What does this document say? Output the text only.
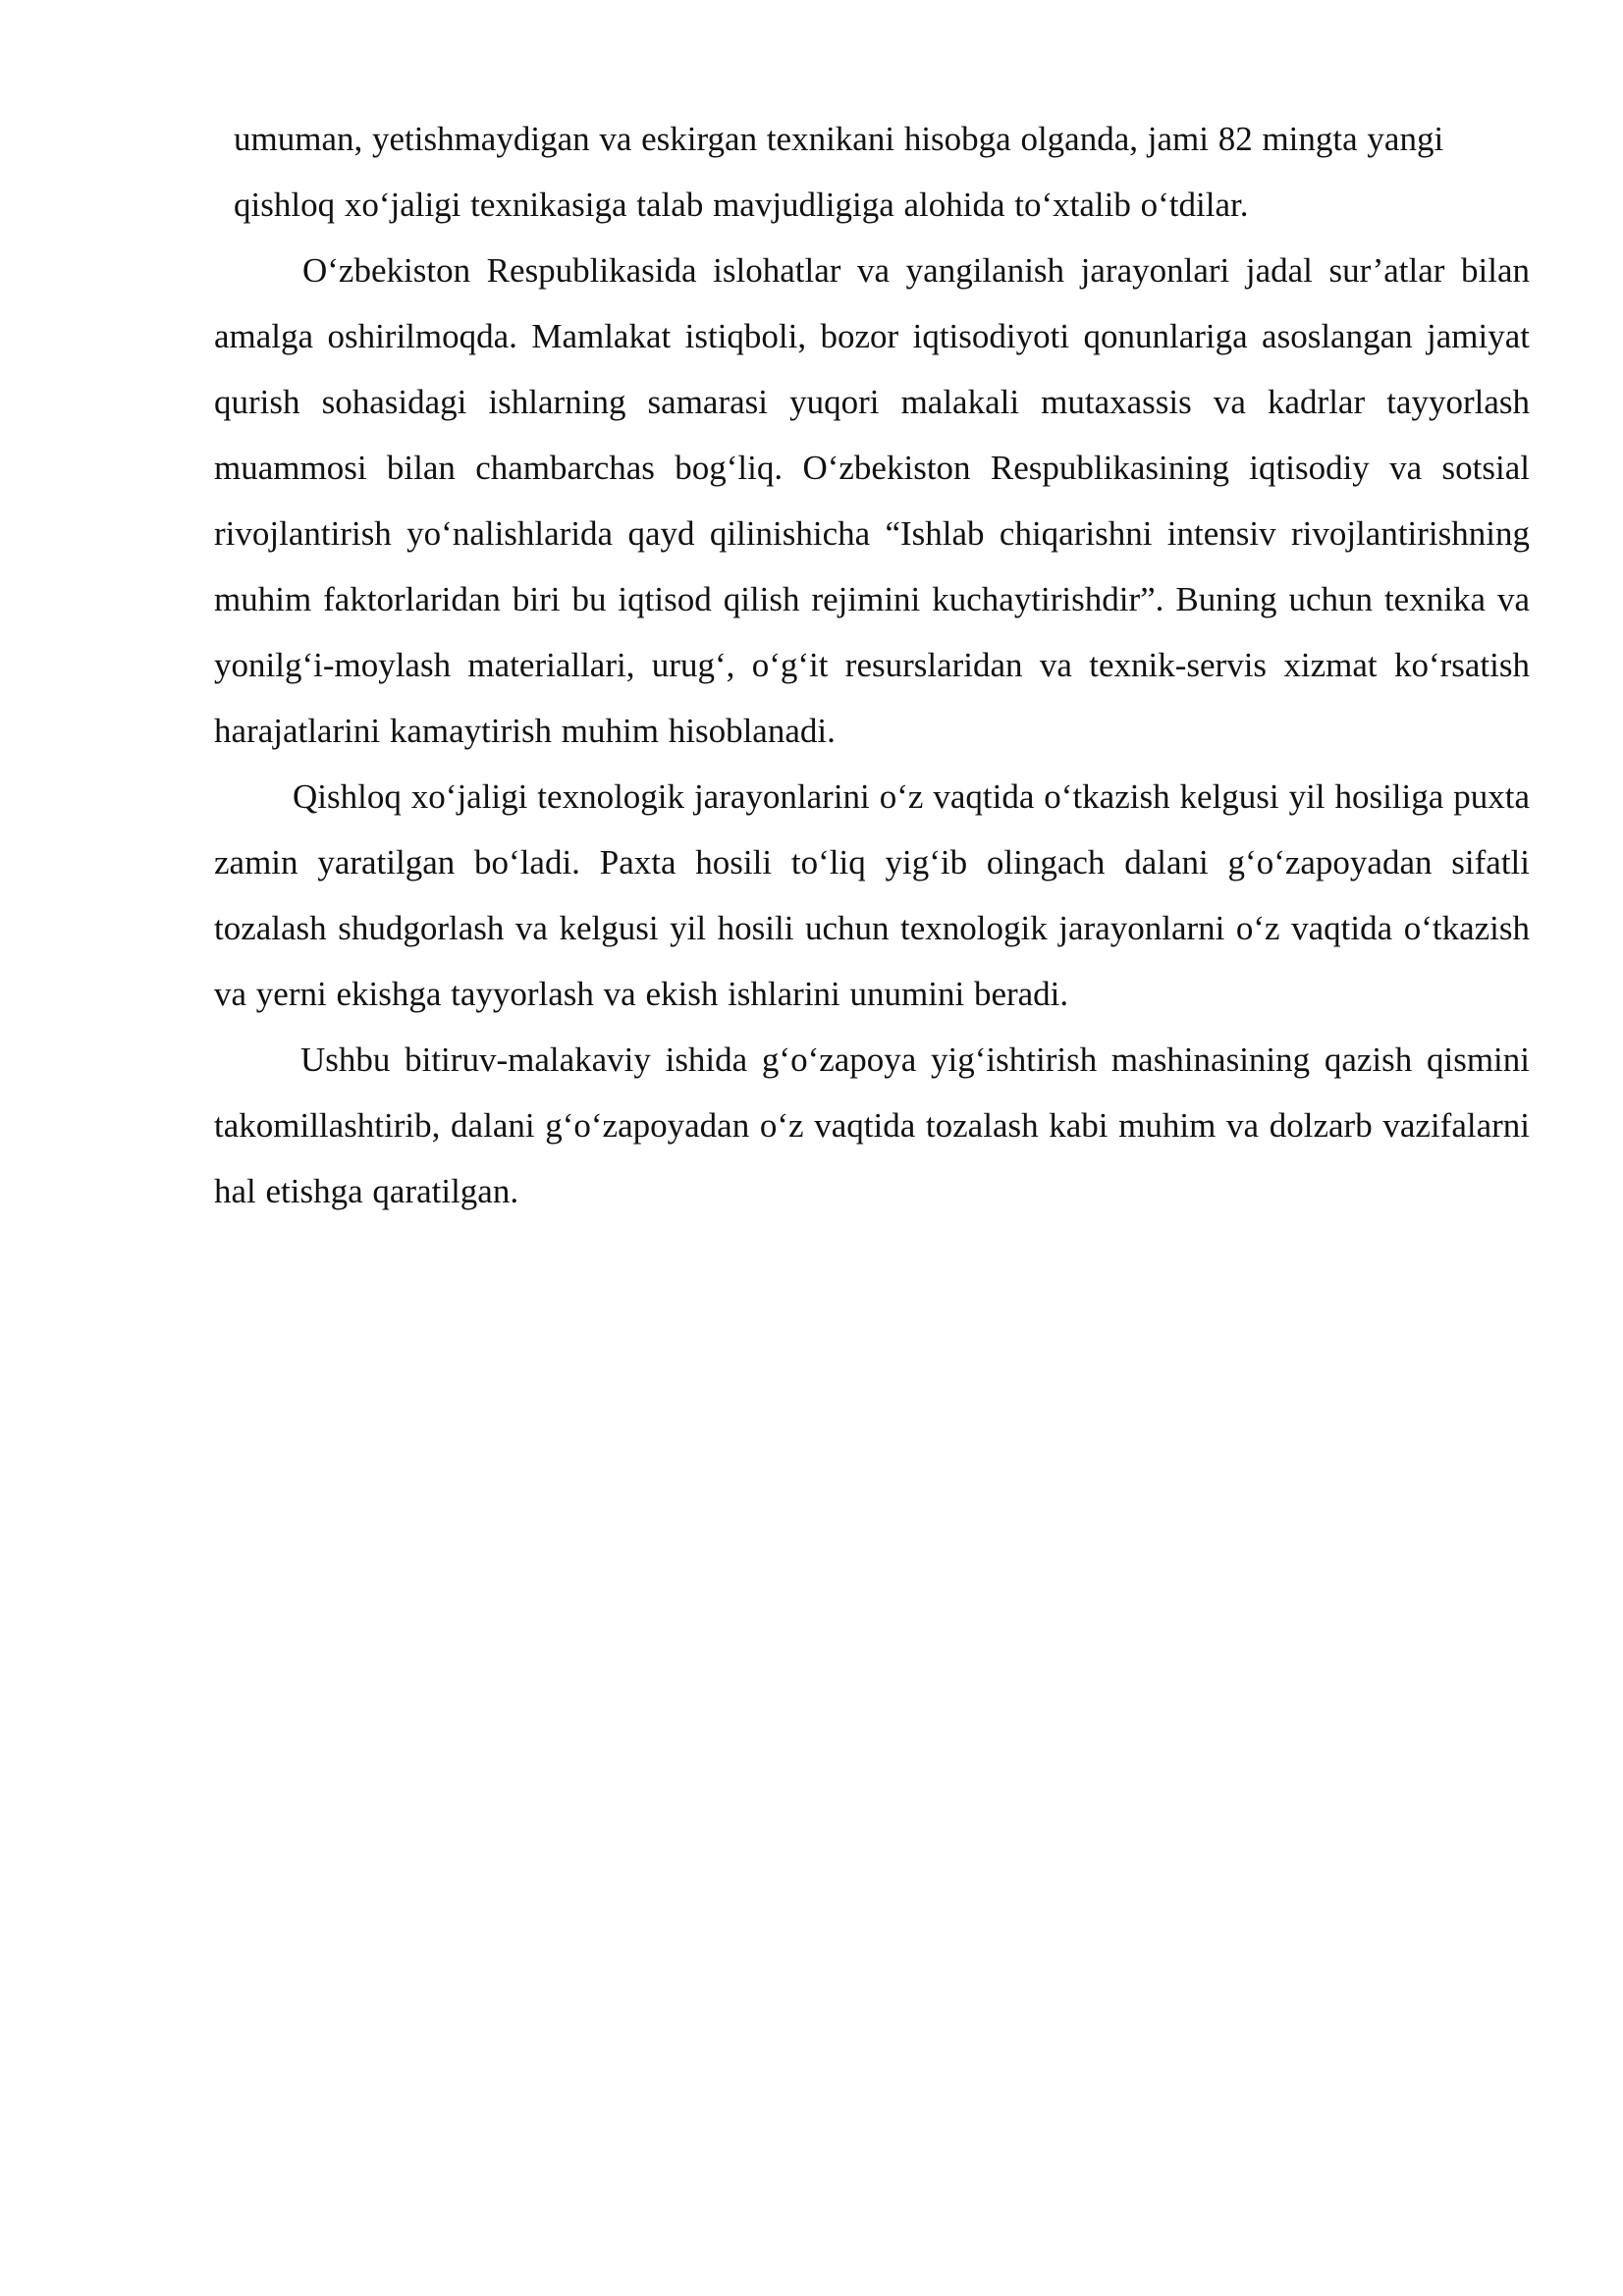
umuman, yetishmaydigan va eskirgan texnikani hisobga olganda, jami 82 mingta yangi qishloq xo‘jaligi texnikasiga talab mavjudligiga alohida to‘xtalib o‘tdilar.

O‘zbekiston Respublikasida islohatlar va yangilanish jarayonlari jadal sur’atlar bilan amalga oshirilmoqda. Mamlakat istiqboli, bozor iqtisodiyoti qonunlariga asoslangan jamiyat qurish sohasidagi ishlarning samarasi yuqori malakali mutaxassis va kadrlar tayyorlash muammosi bilan chambarchas bog‘liq. O‘zbekiston Respublikasining iqtisodiy va sotsial rivojlantirish yo‘nalishlarida qayd qilinishicha “Ishlab chiqarishni intensiv rivojlantirishning muhim faktorlaridan biri bu iqtisod qilish rejimini kuchaytirishdir”. Buning uchun texnika va yonilg‘i-moylash materiallari, urug‘, o‘g‘it resurslaridan va texnik-servis xizmat ko‘rsatish harajatlarini kamaytirish muhim hisoblanadi.

Qishloq xo‘jaligi texnologik jarayonlarini o‘z vaqtida o‘tkazish kelgusi yil hosiliga puxta zamin yaratilgan bo‘ladi. Paxta hosili to‘liq yig‘ib olingach dalani g‘o‘zapoyadan sifatli tozalash shudgorlash va kelgusi yil hosili uchun texnologik jarayonlarni o‘z vaqtida o‘tkazish va yerni ekishga tayyorlash va ekish ishlarini unumini beradi.

Ushbu bitiruv-malakaviy ishida g‘o‘zapoya yig‘ishtirish mashinasining qazish qismini takomillashtirib, dalani g‘o‘zapoyadan o‘z vaqtida tozalash kabi muhim va dolzarb vazifalarni hal etishga qaratilgan.
